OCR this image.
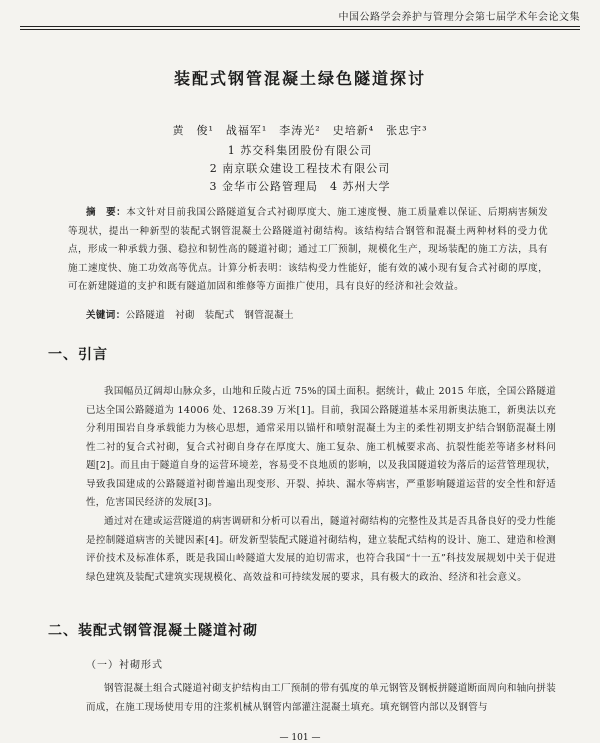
中国公路学会养护与管理分会第七届学术年会论文集
装配式钢管混凝土绿色隧道探讨
黄　俊¹　战福军¹　李涛光²　史培新⁴　张忠宇³
1 苏交科集团股份有限公司
2 南京联众建设工程技术有限公司
3 金华市公路管理局　4 苏州大学
摘　要：本文针对目前我国公路隧道复合式衬砌厚度大、施工速度慢、施工质量难以保证、后期病害频发等现状，提出一种新型的装配式钢管混凝土公路隧道衬砌结构。该结构结合钢管和混凝土两种材料的受力优点，形成一种承载力强、稳拉和韧性高的隧道衬砌；通过工厂预制，规模化生产，现场装配的施工方法，具有施工速度快、施工功效高等优点。计算分析表明：该结构受力性能好，能有效的减小现有复合式衬砌的厚度，可在新建隧道的支护和既有隧道加固和维修等方面推广使用，具有良好的经济和社会效益。
关键词：公路隧道　衬砌　装配式　钢管混凝土
一、引言
我国幅员辽阔却山脉众多，山地和丘陵占近 75%的国土面积。据统计，截止 2015 年底，全国公路隧道已达全国公路隧道为 14006 处、1268.39 万米[1]。目前，我国公路隧道基本采用新奥法施工，新奥法以充分利用围岩自身承载能力为核心思想，通常采用以锚杆和喷射混凝土为主的柔性初期支护结合钢筋混凝土刚性二衬的复合式衬砌，复合式衬砌自身存在厚度大、施工复杂、施工机械要求高、抗裂性能差等诸多材料问题[2]。而且由于隧道自身的运营环境差，容易受不良地质的影响，以及我国隧道较为落后的运营管理现状，导致我国建成的公路隧道衬砌普遍出现变形、开裂、掉块、漏水等病害，严重影响隧道运营的安全性和舒适性，危害国民经济的发展[3]。
通过对在建或运营隧道的病害调研和分析可以看出，隧道衬砌结构的完整性及其是否具备良好的受力性能是控制隧道病害的关键因素[4]。研发新型装配式隧道衬砌结构，建立装配式结构的设计、施工、建造和检测评价技术及标准体系，既是我国山岭隧道大发展的迫切需求，也符合我国“十一五”科技发展规划中关于促进绿色建筑及装配式建筑实现规模化、高效益和可持续发展的要求，具有极大的政治、经济和社会意义。
二、装配式钢管混凝土隧道衬砌
（一）衬砌形式
钢管混凝土组合式隧道衬砌支护结构由工厂预制的带有弧度的单元钢管及钢板拼隧道断面周向和轴向拼装而成，在施工现场使用专用的注浆机械从钢管内部灌注混凝土填充。填充钢管内部以及钢管与
— 101 —
